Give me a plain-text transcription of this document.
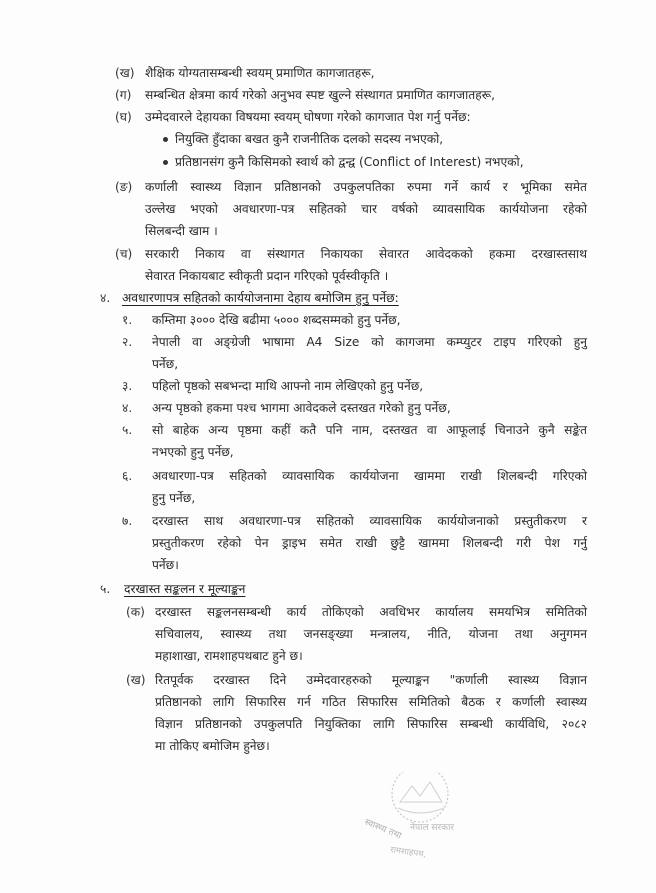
(ख) शैक्षिक योग्यतासम्बन्धी स्वयम् प्रमाणित कागजातहरू,
(ग) सम्बन्धित क्षेत्रमा कार्य गरेको अनुभव स्पष्ट खुल्ने संस्थागत प्रमाणित कागजातहरू,
(घ) उम्मेदवारले देहायका विषयमा स्वयम् घोषणा गरेको कागजात पेश गर्नु पर्नेछ:
नियुक्ति हुँदाका बखत कुनै राजनीतिक दलको सदस्य नभएको,
प्रतिष्ठानसंग कुनै किसिमको स्वार्थ को द्वन्द्व (Conflict of Interest) नभएको,
(ङ) कर्णाली स्वास्थ्य विज्ञान प्रतिष्ठानको उपकुलपतिका रुपमा गर्ने कार्य र भूमिका समेत
उल्लेख भएको अवधारणा-पत्र सहितको चार वर्षको व्यावसायिक कार्ययोजना रहेको
सिलबन्दी खाम ।
(च) सरकारी निकाय वा संस्थागत निकायका सेवारत आवेदकको हकमा दरखास्तसाथ
सेवारत निकायबाट स्वीकृती प्रदान गरिएको पूर्वस्वीकृति ।
४. अवधारणापत्र सहितको कार्ययोजनामा देहाय बमोजिम हुनु पर्नेछ:
१. कम्तिमा ३००० देखि बढीमा ५००० शब्दसम्मको हुनु पर्नेछ,
२. नेपाली वा अङ्ग्रेजी भाषामा A4 Size को कागजमा कम्प्युटर टाइप गरिएको हुनु
पर्नेछ,
३. पहिलो पृष्ठको सबभन्दा माथि आफ्नो नाम लेखिएको हुनु पर्नेछ,
४. अन्य पृष्ठको हकमा पश्च भागमा आवेदकले दस्तखत गरेको हुनु पर्नेछ,
५. सो बाहेक अन्य पृष्ठमा कहीं कतै पनि नाम, दस्तखत वा आफूलाई चिनाउने कुनै सङ्केत
नभएको हुनु पर्नेछ,
६. अवधारणा-पत्र सहितको व्यावसायिक कार्ययोजना खाममा राखी शिलबन्दी गरिएको
हुनु पर्नेछ,
७. दरखास्त साथ अवधारणा-पत्र सहितको व्यावसायिक कार्ययोजनाको प्रस्तुतीकरण र
प्रस्तुतीकरण रहेको पेन ड्राइभ समेत राखी छुट्टै खाममा शिलबन्दी गरी पेश गर्नु
पर्नेछ।
५. दरखास्त सङ्कलन र मूल्याङ्कन
(क) दरखास्त सङ्कलनसम्बन्धी कार्य तोकिएको अवधिभर कार्यालय समयभित्र समितिको
सचिवालय, स्वास्थ्य तथा जनसङ्ख्या मन्त्रालय, नीति, योजना तथा अनुगमन
महाशाखा, रामशाहपथबाट हुने छ।
(ख) रितपूर्वक दरखास्त दिने उम्मेदवारहरुको मूल्याङ्कन "कर्णाली स्वास्थ्य विज्ञान
प्रतिष्ठानको लागि सिफारिस गर्न गठित सिफारिस समितिको बैठक र कर्णाली स्वास्थ्य
विज्ञान प्रतिष्ठानको उपकुलपति नियुक्तिका लागि सिफारिस सम्बन्धी कार्यविधि, २०८२
मा तोकिए बमोजिम हुनेछ।
नेपाल सरकार
स्वास्थ्य तथा
रामशाहपथ,
